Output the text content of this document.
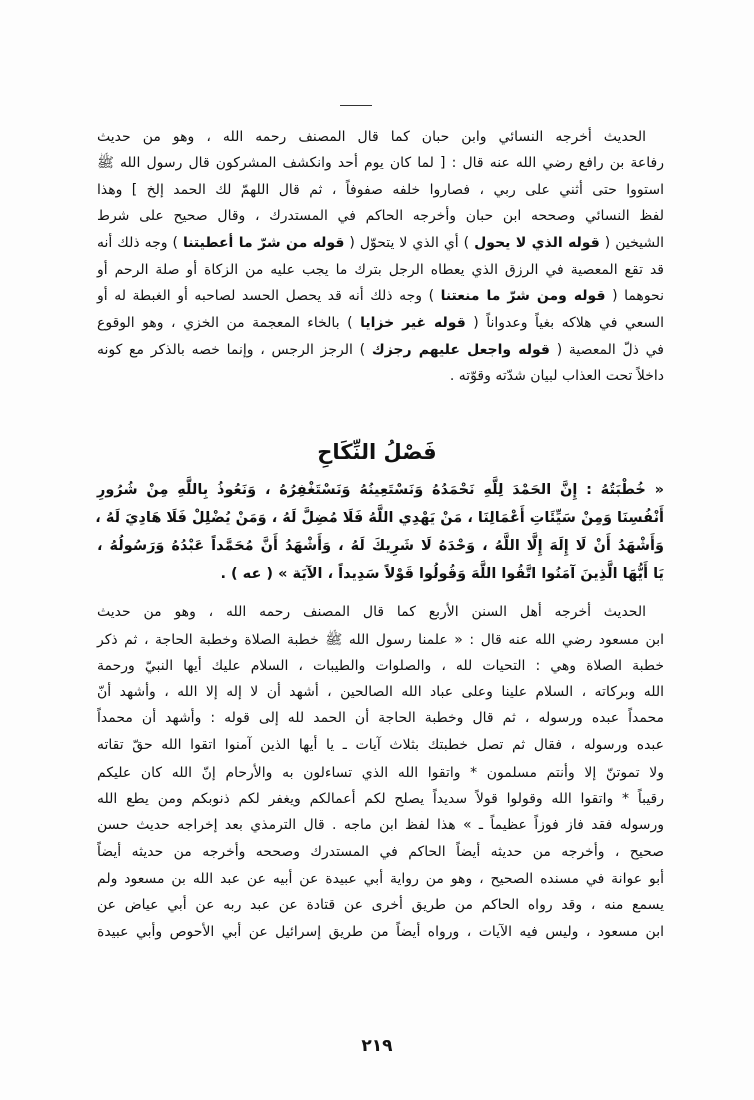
الحديث أخرجه النسائي وابن حبان كما قال المصنف رحمه الله ، وهو من حديث
رفاعة بن رافع رضي الله عنه قال : [ لما كان يوم أحد وانكشف المشركون قال رسول الله ﷺ
استووا حتى أثني على ربي ، فصاروا خلفه صفوفاً ، ثم قال اللهمّ لك الحمد إلخ ] وهذا
لفظ النسائي وصححه ابن حبان وأخرجه الحاكم في المستدرك ، وقال صحيح على شرط
الشيخين ( قوله الذي لا يحول ) أي الذي لا يتحوّل ( قوله من شرّ ما أعطيتنا ) وجه ذلك أنه
قد تقع المعصية في الرزق الذي يعطاه الرجل بترك ما يجب عليه من الزكاة أو صلة الرحم أو
نحوهما ( قوله ومن شرّ ما منعتنا ) وجه ذلك أنه قد يحصل الحسد لصاحبه أو الغبطة له أو
السعي في هلاكه بغياً وعدواناً ( قوله غير خزايا ) بالخاء المعجمة من الخزي ، وهو الوقوع
في ذلّ المعصية ( قوله واجعل عليهم رجزك ) الرجز الرجس ، وإنما خصه بالذكر مع كونه
داخلاً تحت العذاب لبيان شدّته وقوّته .
فَصْلُ النِّكَاحِ
« خُطْبَتُهُ : إِنَّ الحَمْدَ لِلَّهِ نَحْمَدُهُ وَنَسْتَعِينُهُ وَنَسْتَغْفِرُهُ ، وَنَعُوذُ بِاللَّهِ مِنْ شُرُورِ
أَنْفُسِنَا وَمِنْ سَيِّئَاتِ أَعْمَالِنَا ، مَنْ يَهْدِي اللَّهُ فَلَا مُضِلَّ لَهُ ، وَمَنْ يُضْلِلْ فَلَا هَادِيَ لَهُ ،
وَأَشْهَدُ أَنْ لَا إِلَهَ إِلَّا اللَّهُ ، وَحْدَهُ لَا شَرِيكَ لَهُ ، وَأَشْهَدُ أَنَّ مُحَمَّداً عَبْدُهُ وَرَسُولُهُ ،
يَا أَيُّهَا الَّذِينَ آمَنُوا اتَّقُوا اللَّهَ وَقُولُوا قَوْلاً سَدِيداً ، الآيَة » ( عه ) .
الحديث أخرجه أهل السنن الأربع كما قال المصنف رحمه الله ، وهو من حديث
ابن مسعود رضي الله عنه قال : « علمنا رسول الله ﷺ خطبة الصلاة وخطبة الحاجة ، ثم ذكر
خطبة الصلاة وهي : التحيات لله ، والصلوات والطيبات ، السلام عليك أيها النبيّ ورحمة
الله وبركاته ، السلام علينا وعلى عباد الله الصالحين ، أشهد أن لا إله إلا الله ، وأشهد أنّ
محمداً عبده ورسوله ، ثم قال وخطبة الحاجة أن الحمد لله إلى قوله : وأشهد أن محمداً
عبده ورسوله ، فقال ثم تصل خطبتك بثلاث آيات ـ يا أيها الذين آمنوا اتقوا الله حقّ تقاته
ولا تموتنّ إلا وأنتم مسلمون * واتقوا الله الذي تساءلون به والأرحام إنّ الله كان عليكم
رقيباً * واتقوا الله وقولوا قولاً سديداً يصلح لكم أعمالكم ويغفر لكم ذنوبكم ومن يطع الله
ورسوله فقد فاز فوزاً عظيماً ـ » هذا لفظ ابن ماجه . قال الترمذي بعد إخراجه حديث حسن
صحيح ، وأخرجه من حديثه أيضاً الحاكم في المستدرك وصححه وأخرجه من حديثه أيضاً
أبو عوانة في مسنده الصحيح ، وهو من رواية أبي عبيدة عن أبيه عن عبد الله بن مسعود ولم
يسمع منه ، وقد رواه الحاكم من طريق أخرى عن قتادة عن عبد ربه عن أبي عياض عن
ابن مسعود ، وليس فيه الآيات ، ورواه أيضاً من طريق إسرائيل عن أبي الأحوص وأبي عبيدة
٢١٩
